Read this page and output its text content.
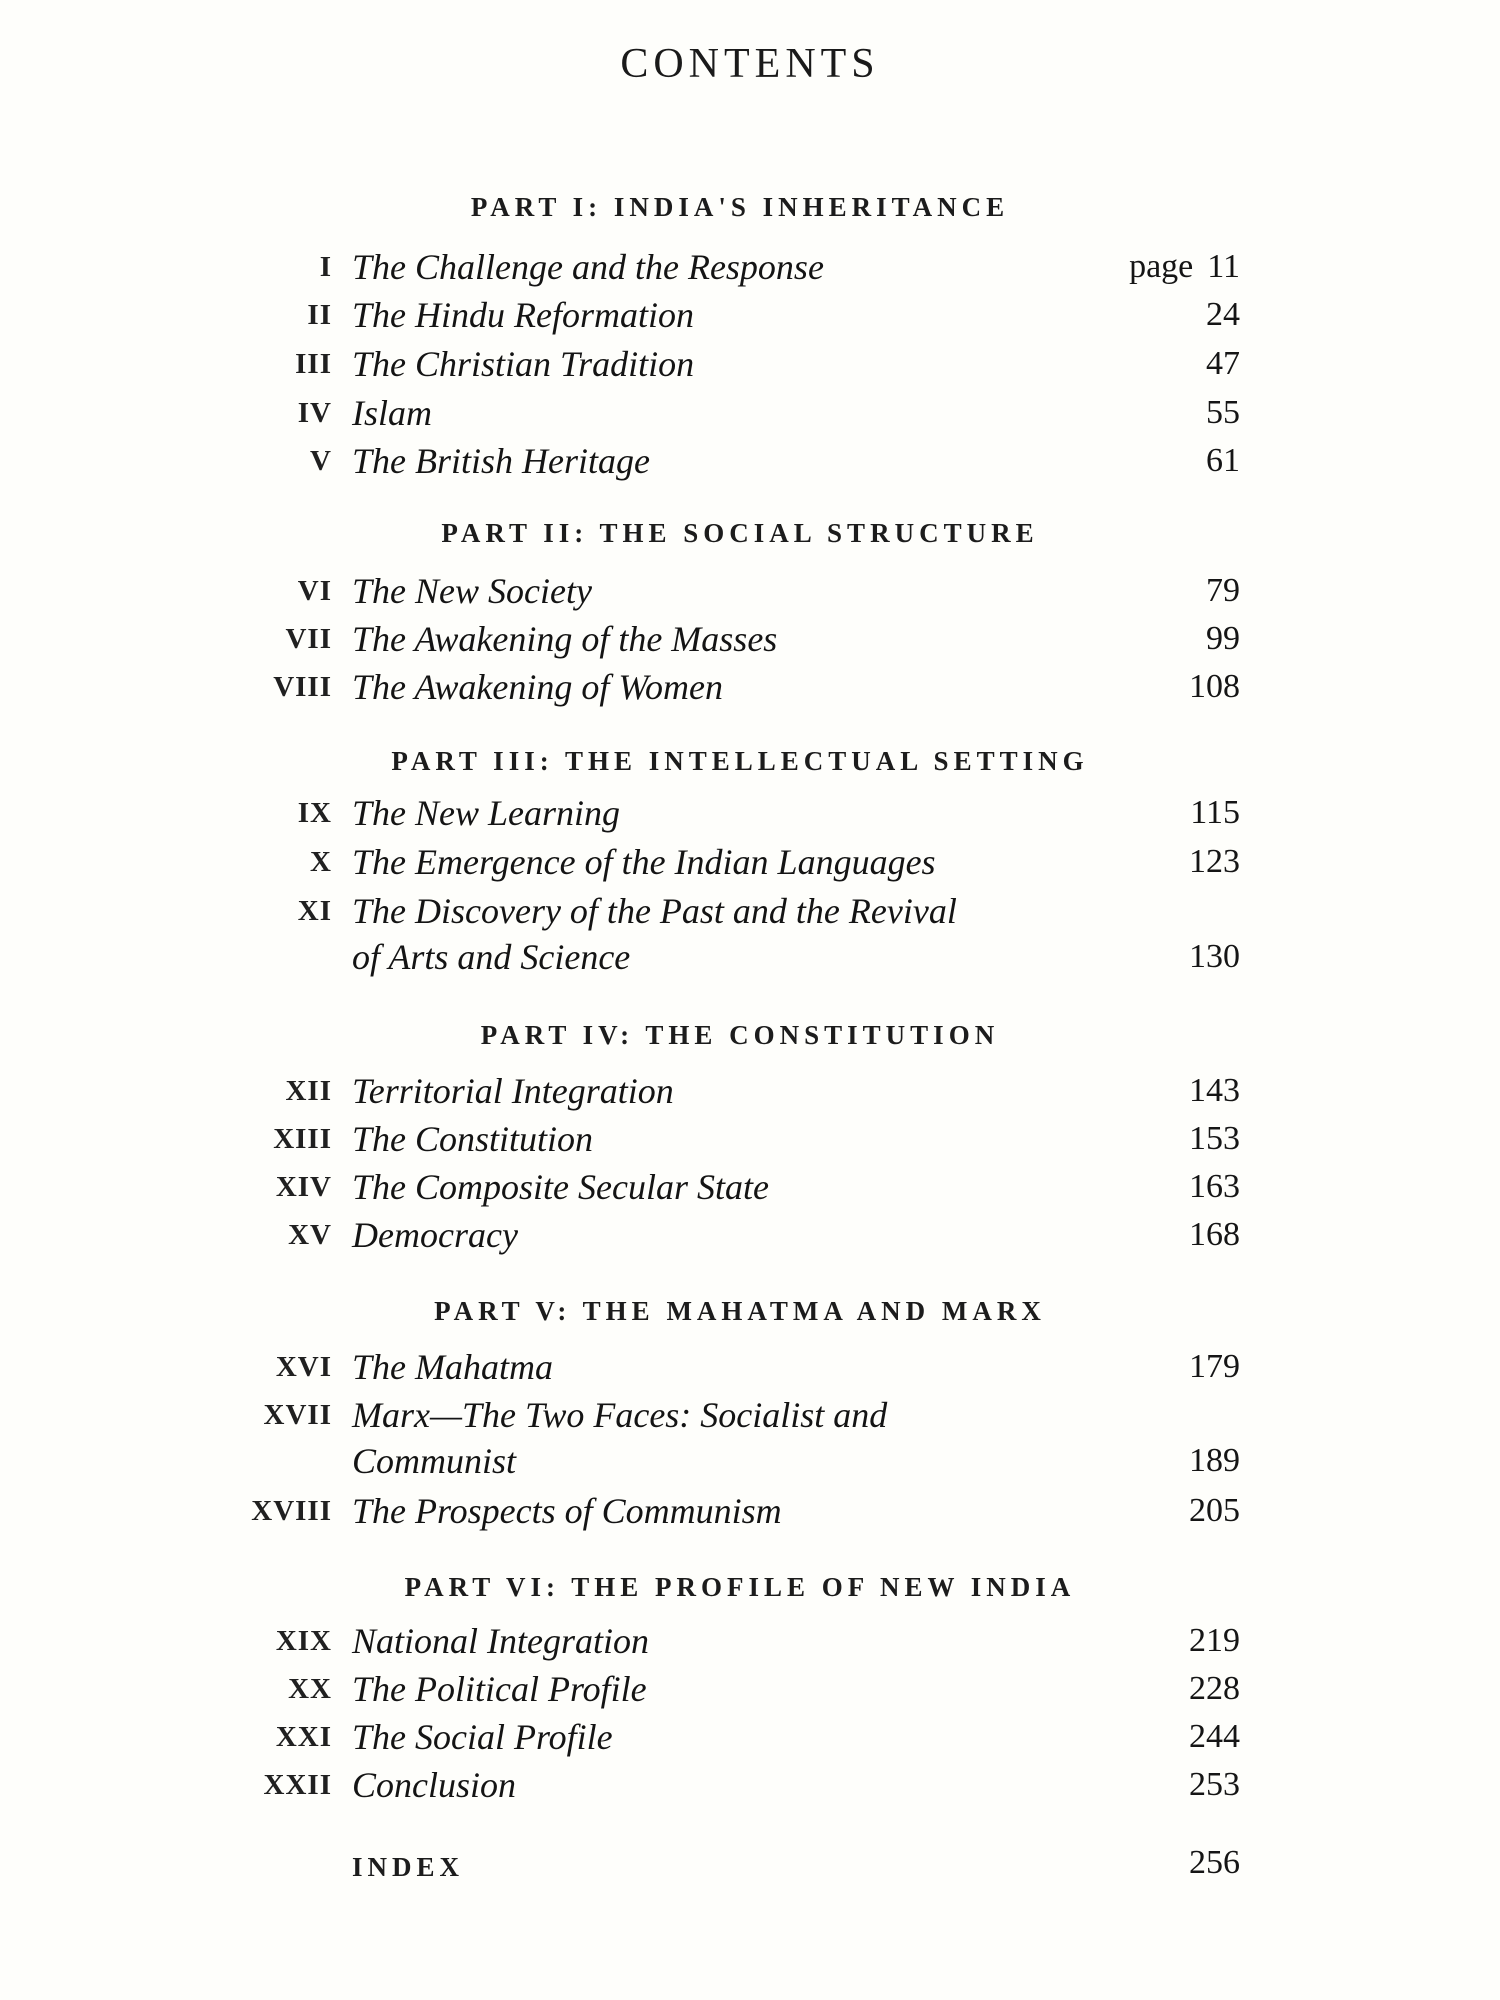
CONTENTS
PART I: INDIA'S INHERITANCE
I The Challenge and the Response	page 11
II The Hindu Reformation	24
III The Christian Tradition	47
IV Islam	55
V The British Heritage	61
PART II: THE SOCIAL STRUCTURE
VI The New Society	79
VII The Awakening of the Masses	99
VIII The Awakening of Women	108
PART III: THE INTELLECTUAL SETTING
IX The New Learning	115
X The Emergence of the Indian Languages	123
XI The Discovery of the Past and the Revival
of Arts and Science	130
PART IV: THE CONSTITUTION
XII Territorial Integration	143
XIII The Constitution	153
XIV The Composite Secular State	163
XV Democracy	168
PART V: THE MAHATMA AND MARX
XVI The Mahatma	179
XVII Marx—The Two Faces: Socialist and
Communist	189
XVIII The Prospects of Communism	205
PART VI: THE PROFILE OF NEW INDIA
XIX National Integration	219
XX The Political Profile	228
XXI The Social Profile	244
XXII Conclusion	253
INDEX	256
